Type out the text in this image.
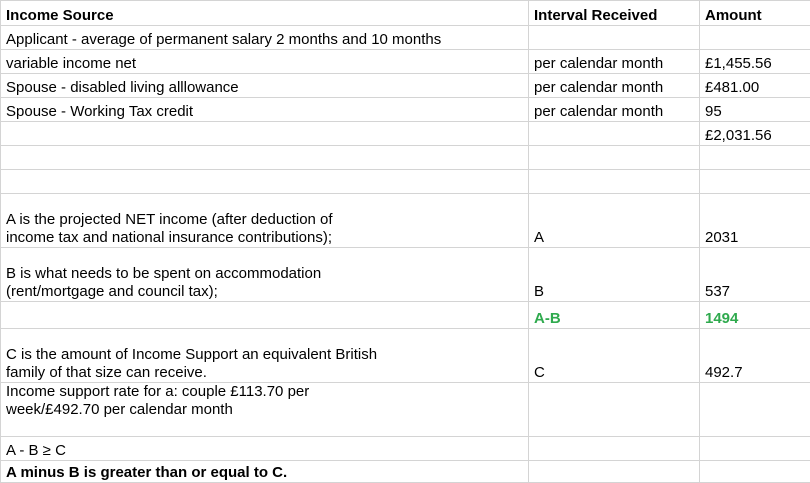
Income Source	Interval Received	Amount
Applicant - average of permanent salary 2 months and 10 months		
variable income net	per calendar month	£1,455.56
Spouse - disabled living alllowance	per calendar month	£481.00
Spouse - Working Tax credit	per calendar month	95
		£2,031.56

A is the projected NET income (after deduction of
income tax and national insurance contributions);	A	2031

B is what needs to be spent on accommodation
(rent/mortgage and council tax);	B	537
	A-B	1494

C is the amount of Income Support an equivalent British
family of that size can receive.	C	492.7

Income support rate for a: couple £113.70 per
week/£492.70 per calendar month		

A - B ≥ C		
A minus B is greater than or equal to C.		
